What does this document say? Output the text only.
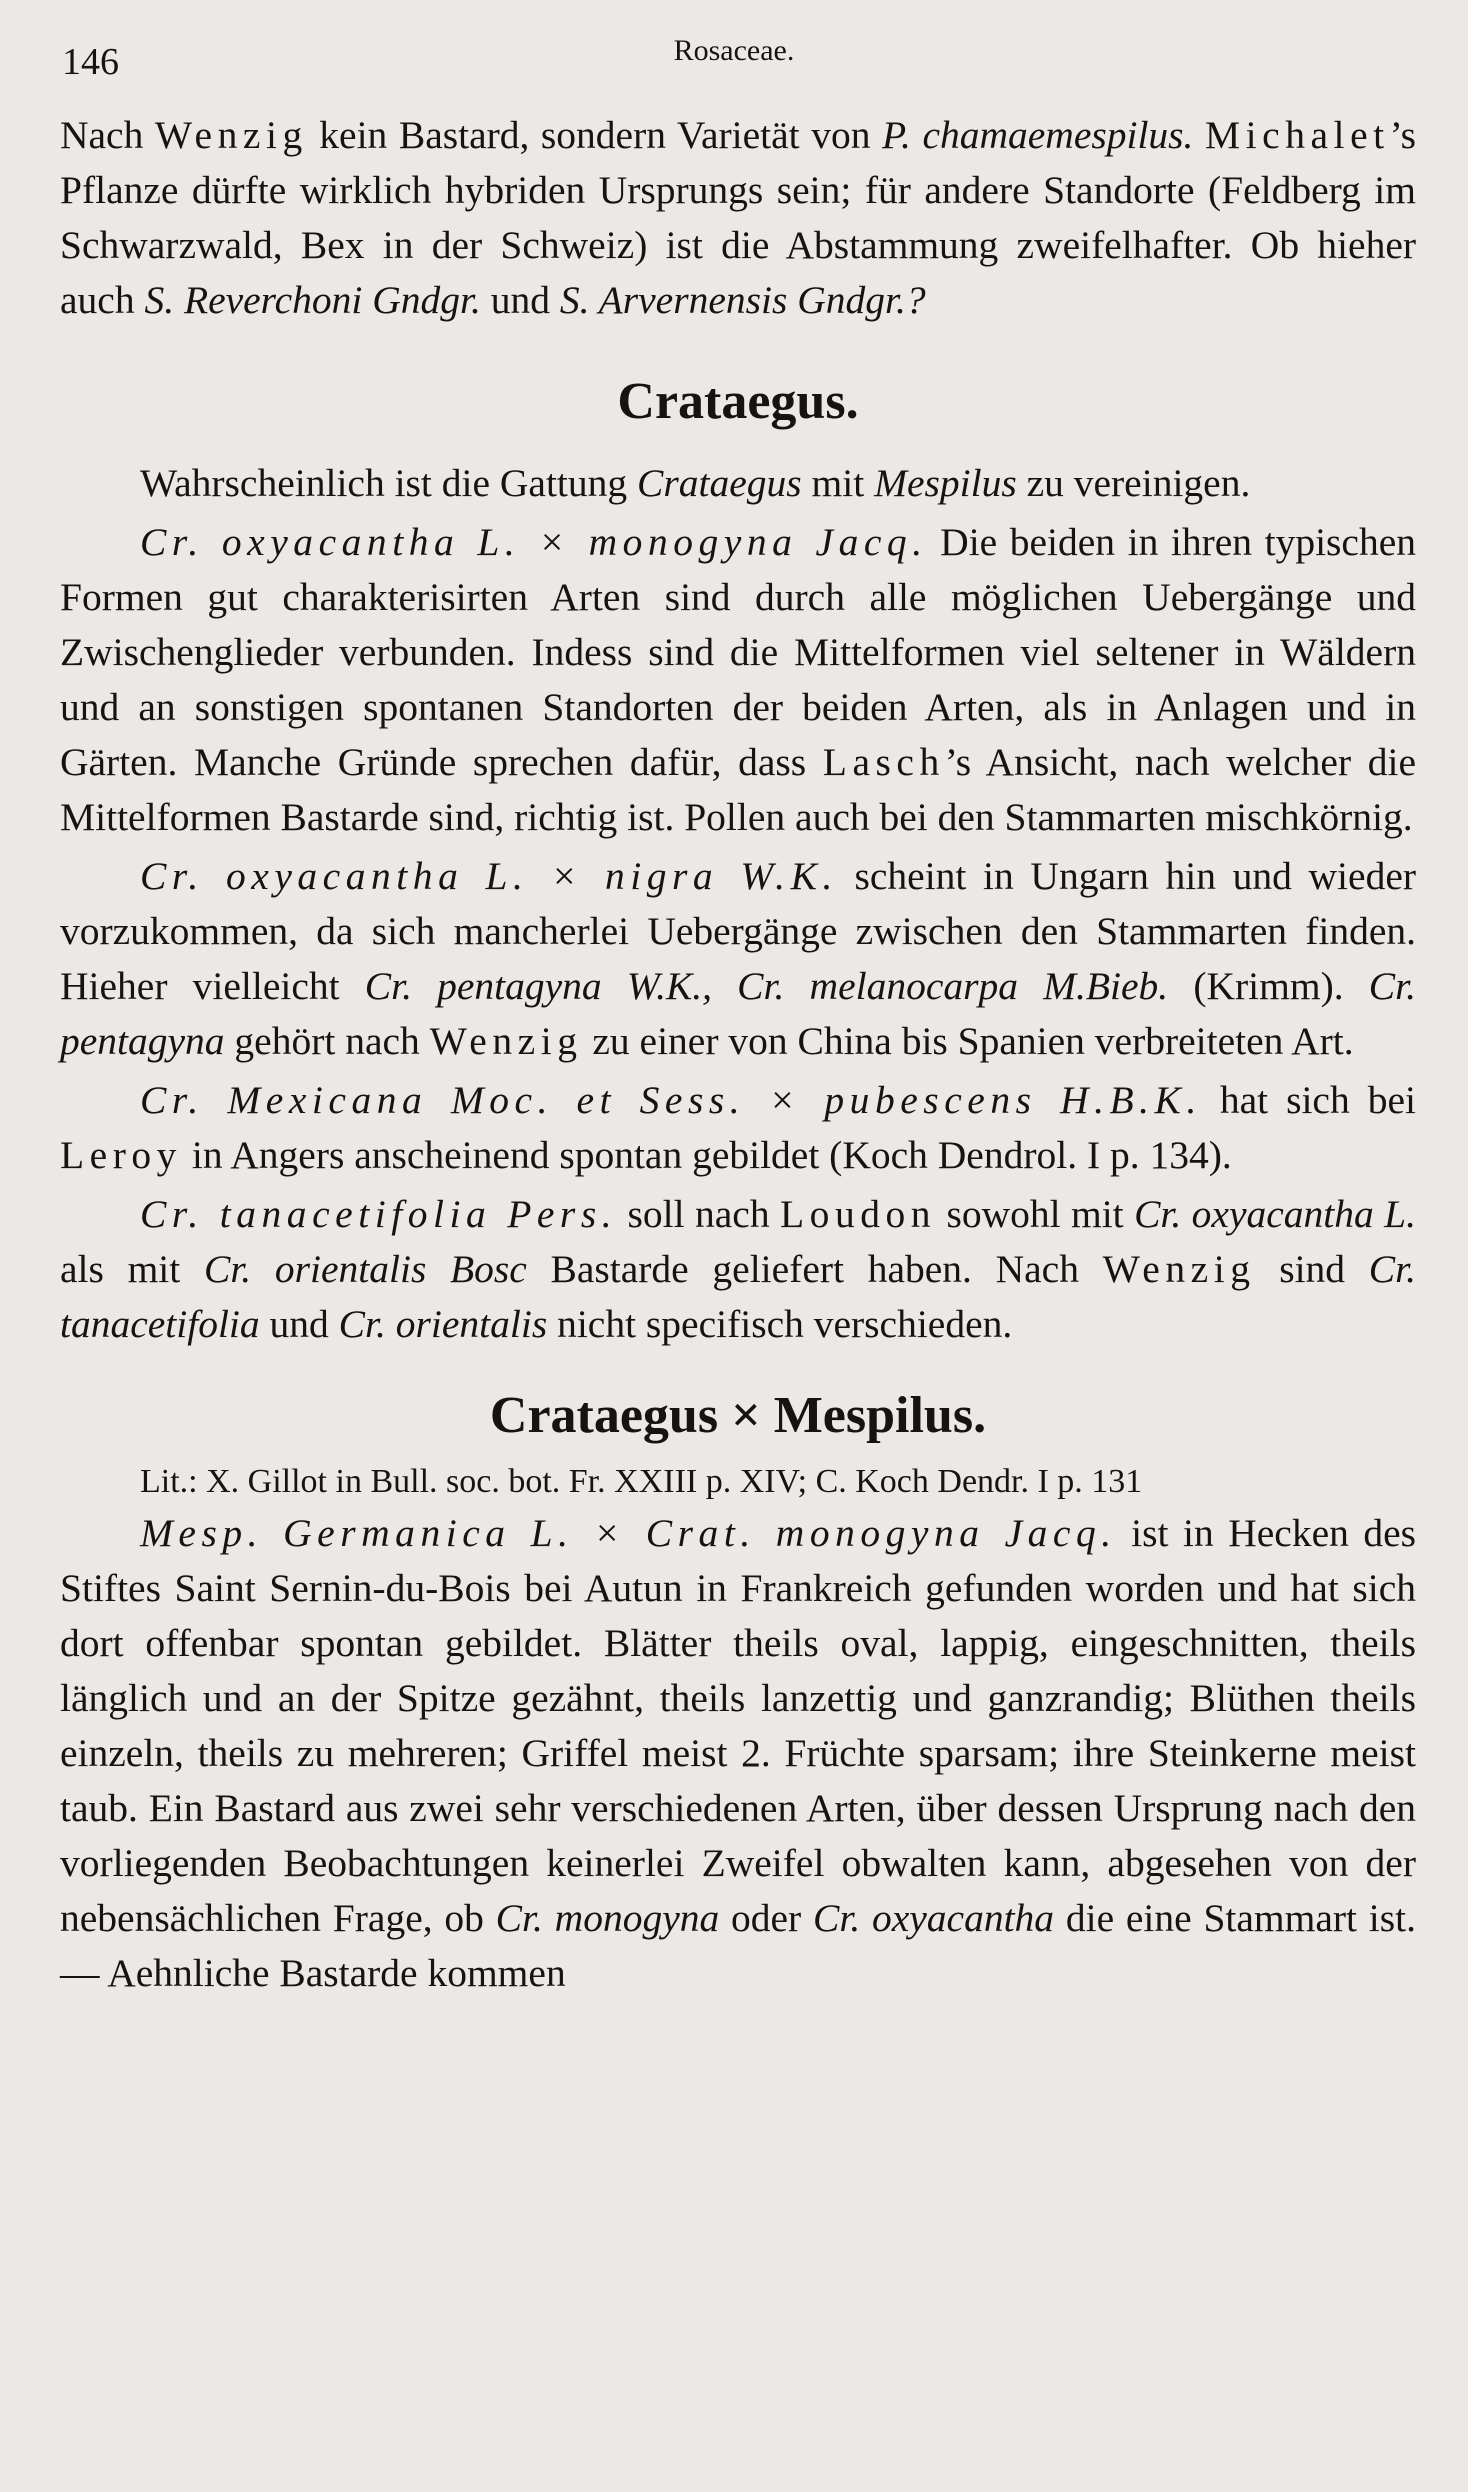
146	Rosaceae.

Nach Wenzig kein Bastard, sondern Varietät von P. chamaemespilus. Michalet’s Pflanze dürfte wirklich hybriden Ursprungs sein; für andere Standorte (Feldberg im Schwarzwald, Bex in der Schweiz) ist die Abstammung zweifelhafter. Ob hieher auch S. Reverchoni Gndgr. und S. Arvernensis Gndgr.?

Crataegus.

Wahrscheinlich ist die Gattung Crataegus mit Mespilus zu vereinigen.

Cr. oxyacantha L. × monogyna Jacq. Die beiden in ihren typischen Formen gut charakterisirten Arten sind durch alle möglichen Uebergänge und Zwischenglieder verbunden. Indess sind die Mittelformen viel seltener in Wäldern und an sonstigen spontanen Standorten der beiden Arten, als in Anlagen und in Gärten. Manche Gründe sprechen dafür, dass Lasch’s Ansicht, nach welcher die Mittelformen Bastarde sind, richtig ist. Pollen auch bei den Stammarten mischkörnig.

Cr. oxyacantha L. × nigra W.K. scheint in Ungarn hin und wieder vorzukommen, da sich mancherlei Uebergänge zwischen den Stammarten finden. Hieher vielleicht Cr. pentagyna W.K., Cr. melanocarpa M.Bieb. (Krimm). Cr. pentagyna gehört nach Wenzig zu einer von China bis Spanien verbreiteten Art.

Cr. Mexicana Moc. et Sess. × pubescens H.B.K. hat sich bei Leroy in Angers anscheinend spontan gebildet (Koch Dendrol. I p. 134).

Cr. tanacetifolia Pers. soll nach Loudon sowohl mit Cr. oxyacantha L. als mit Cr. orientalis Bosc Bastarde geliefert haben. Nach Wenzig sind Cr. tanacetifolia und Cr. orientalis nicht specifisch verschieden.

Crataegus × Mespilus.

Lit.: X. Gillot in Bull. soc. bot. Fr. XXIII p. XIV; C. Koch Dendr. I p. 131

Mesp. Germanica L. × Crat. monogyna Jacq. ist in Hecken des Stiftes Saint Sernin-du-Bois bei Autun in Frankreich gefunden worden und hat sich dort offenbar spontan gebildet. Blätter theils oval, lappig, eingeschnitten, theils länglich und an der Spitze gezähnt, theils lanzettig und ganzrandig; Blüthen theils einzeln, theils zu mehreren; Griffel meist 2. Früchte sparsam; ihre Steinkerne meist taub. Ein Bastard aus zwei sehr verschiedenen Arten, über dessen Ursprung nach den vorliegenden Beobachtungen keinerlei Zweifel obwalten kann, abgesehen von der nebensächlichen Frage, ob Cr. monogyna oder Cr. oxyacantha die eine Stammart ist. — Aehnliche Bastarde kommen
